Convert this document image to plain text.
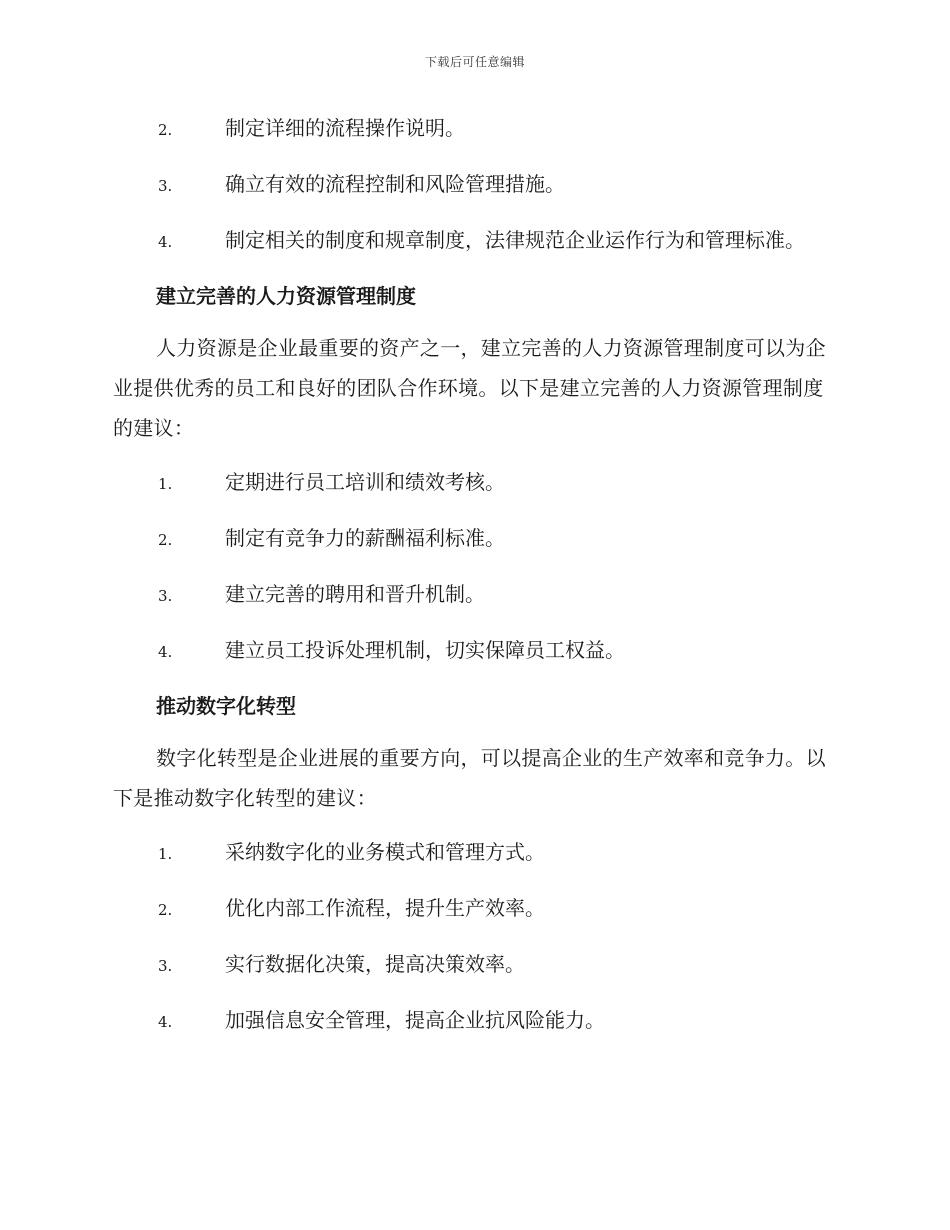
下载后可任意编辑
2.	制定详细的流程操作说明。
3.	确立有效的流程控制和风险管理措施。
4.	制定相关的制度和规章制度，法律规范企业运作行为和管理标准。
建立完善的人力资源管理制度
人力资源是企业最重要的资产之一，建立完善的人力资源管理制度可以为企业提供优秀的员工和良好的团队合作环境。以下是建立完善的人力资源管理制度的建议：
1.	定期进行员工培训和绩效考核。
2.	制定有竞争力的薪酬福利标准。
3.	建立完善的聘用和晋升机制。
4.	建立员工投诉处理机制，切实保障员工权益。
推动数字化转型
数字化转型是企业进展的重要方向，可以提高企业的生产效率和竞争力。以下是推动数字化转型的建议：
1.	采纳数字化的业务模式和管理方式。
2.	优化内部工作流程，提升生产效率。
3.	实行数据化决策，提高决策效率。
4.	加强信息安全管理，提高企业抗风险能力。
